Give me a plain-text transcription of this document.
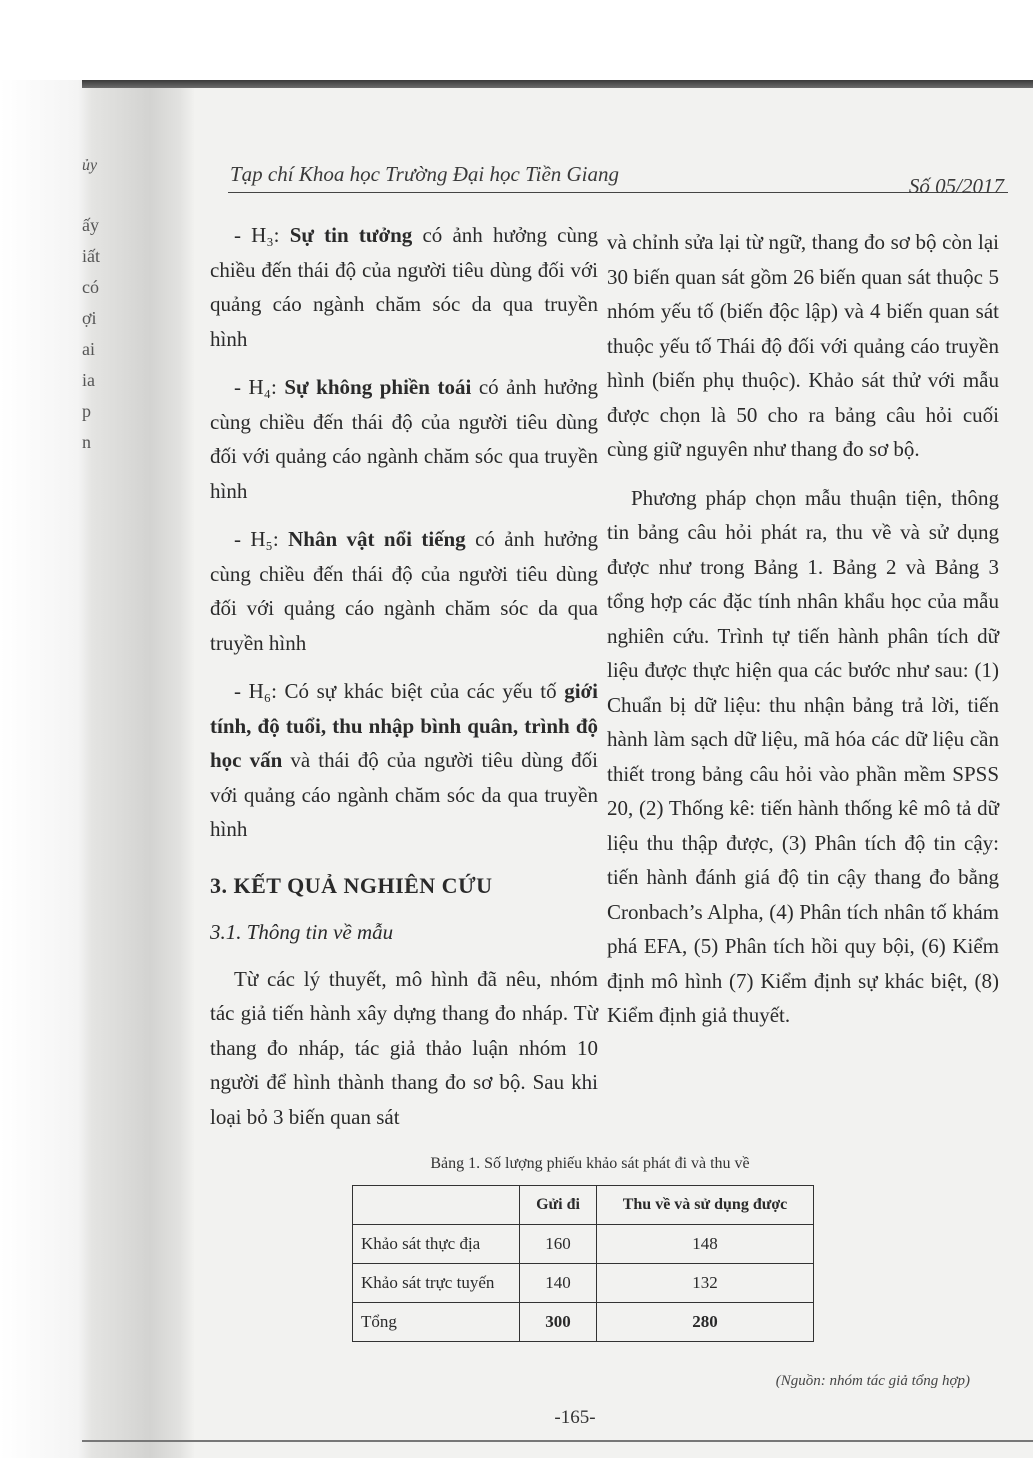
ủy
ấy
iất
có
ợi
ai
ia
p
n
Tạp chí Khoa học Trường Đại học Tiền Giang	Số 05/2017

- H₃: Sự tin tưởng có ảnh hưởng cùng chiều đến thái độ của người tiêu dùng đối với quảng cáo ngành chăm sóc da qua truyền hình

- H₄: Sự không phiền toái có ảnh hưởng cùng chiều đến thái độ của người tiêu dùng đối với quảng cáo ngành chăm sóc qua truyền hình

- H₅: Nhân vật nổi tiếng có ảnh hưởng cùng chiều đến thái độ của người tiêu dùng đối với quảng cáo ngành chăm sóc da qua truyền hình

- H₆: Có sự khác biệt của các yếu tố giới tính, độ tuổi, thu nhập bình quân, trình độ học vấn và thái độ của người tiêu dùng đối với quảng cáo ngành chăm sóc da qua truyền hình

3. KẾT QUẢ NGHIÊN CỨU
3.1. Thông tin về mẫu

Từ các lý thuyết, mô hình đã nêu, nhóm tác giả tiến hành xây dựng thang đo nháp. Từ thang đo nháp, tác giả thảo luận nhóm 10 người để hình thành thang đo sơ bộ. Sau khi loại bỏ 3 biến quan sát

và chỉnh sửa lại từ ngữ, thang đo sơ bộ còn lại 30 biến quan sát gồm 26 biến quan sát thuộc 5 nhóm yếu tố (biến độc lập) và 4 biến quan sát thuộc yếu tố Thái độ đối với quảng cáo truyền hình (biến phụ thuộc). Khảo sát thử với mẫu được chọn là 50 cho ra bảng câu hỏi cuối cùng giữ nguyên như thang đo sơ bộ.

Phương pháp chọn mẫu thuận tiện, thông tin bảng câu hỏi phát ra, thu về và sử dụng được như trong Bảng 1. Bảng 2 và Bảng 3 tổng hợp các đặc tính nhân khẩu học của mẫu nghiên cứu. Trình tự tiến hành phân tích dữ liệu được thực hiện qua các bước như sau: (1) Chuẩn bị dữ liệu: thu nhận bảng trả lời, tiến hành làm sạch dữ liệu, mã hóa các dữ liệu cần thiết trong bảng câu hỏi vào phần mềm SPSS 20, (2) Thống kê: tiến hành thống kê mô tả dữ liệu thu thập được, (3) Phân tích độ tin cậy: tiến hành đánh giá độ tin cậy thang đo bằng Cronbach’s Alpha, (4) Phân tích nhân tố khám phá EFA, (5) Phân tích hồi quy bội, (6) Kiểm định mô hình (7) Kiểm định sự khác biệt, (8) Kiểm định giả thuyết.

Bảng 1. Số lượng phiếu khảo sát phát đi và thu về
	Gửi đi	Thu về và sử dụng được
Khảo sát thực địa	160	148
Khảo sát trực tuyến	140	132
Tổng	300	280
(Nguồn: nhóm tác giả tổng hợp)
-165-
